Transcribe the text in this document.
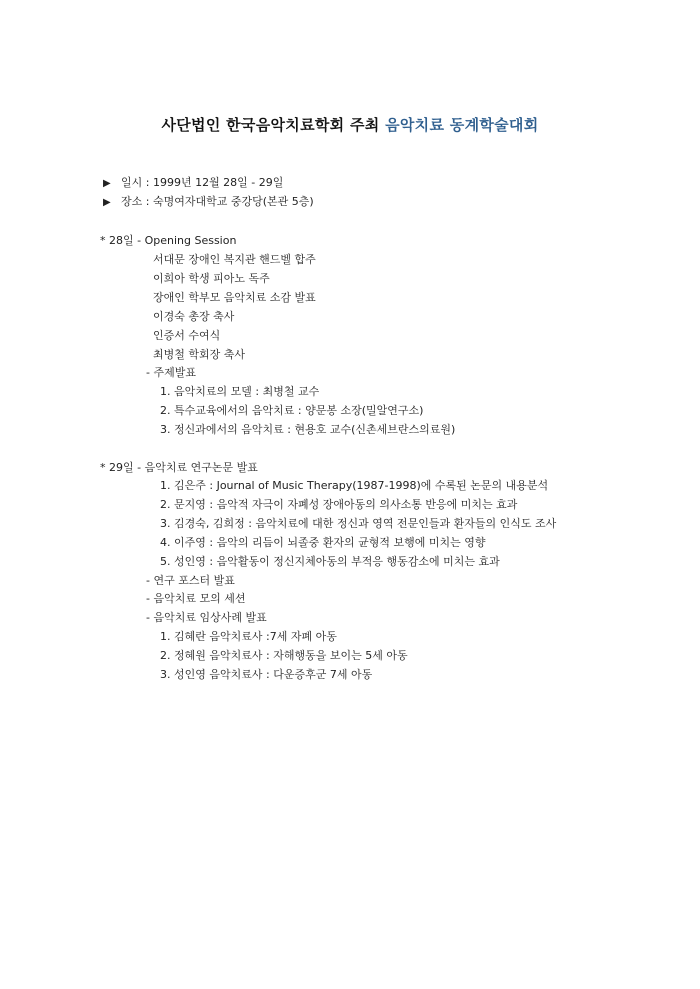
사단법인 한국음악치료학회 주최 음악치료 동계학술대회
▶ 일시 : 1999년 12월 28일 - 29일
▶ 장소 : 숙명여자대학교 중강당(본관 5층)
* 28일 - Opening Session
서대문 장애인 복지관 핸드벨 합주
이희아 학생 피아노 독주
장애인 학부모 음악치료 소감 발표
이경숙 총장 축사
인증서 수여식
최병철 학회장 축사
- 주제발표
1. 음악치료의 모델 : 최병철 교수
2. 특수교육에서의 음악치료 : 양문봉 소장(밀알연구소)
3. 정신과에서의 음악치료 : 현용호 교수(신촌세브란스의료원)
* 29일 - 음악치료 연구논문 발표
1. 김은주 : Journal of Music Therapy(1987-1998)에 수록된 논문의 내용분석
2. 문지영 : 음악적 자극이 자폐성 장애아동의 의사소통 반응에 미치는 효과
3. 김경숙, 김희정 : 음악치료에 대한 정신과 영역 전문인들과 환자들의 인식도 조사
4. 이주영 : 음악의 리듬이 뇌졸중 환자의 균형적 보행에 미치는 영향
5. 성인영 : 음악활동이 정신지체아동의 부적응 행동감소에 미치는 효과
- 연구 포스터 발표
- 음악치료 모의 세션
- 음악치료 임상사례 발표
1. 김혜란 음악치료사 :7세 자폐 아동
2. 정혜원 음악치료사 : 자해행동을 보이는 5세 아동
3. 성인영 음악치료사 : 다운증후군 7세 아동
